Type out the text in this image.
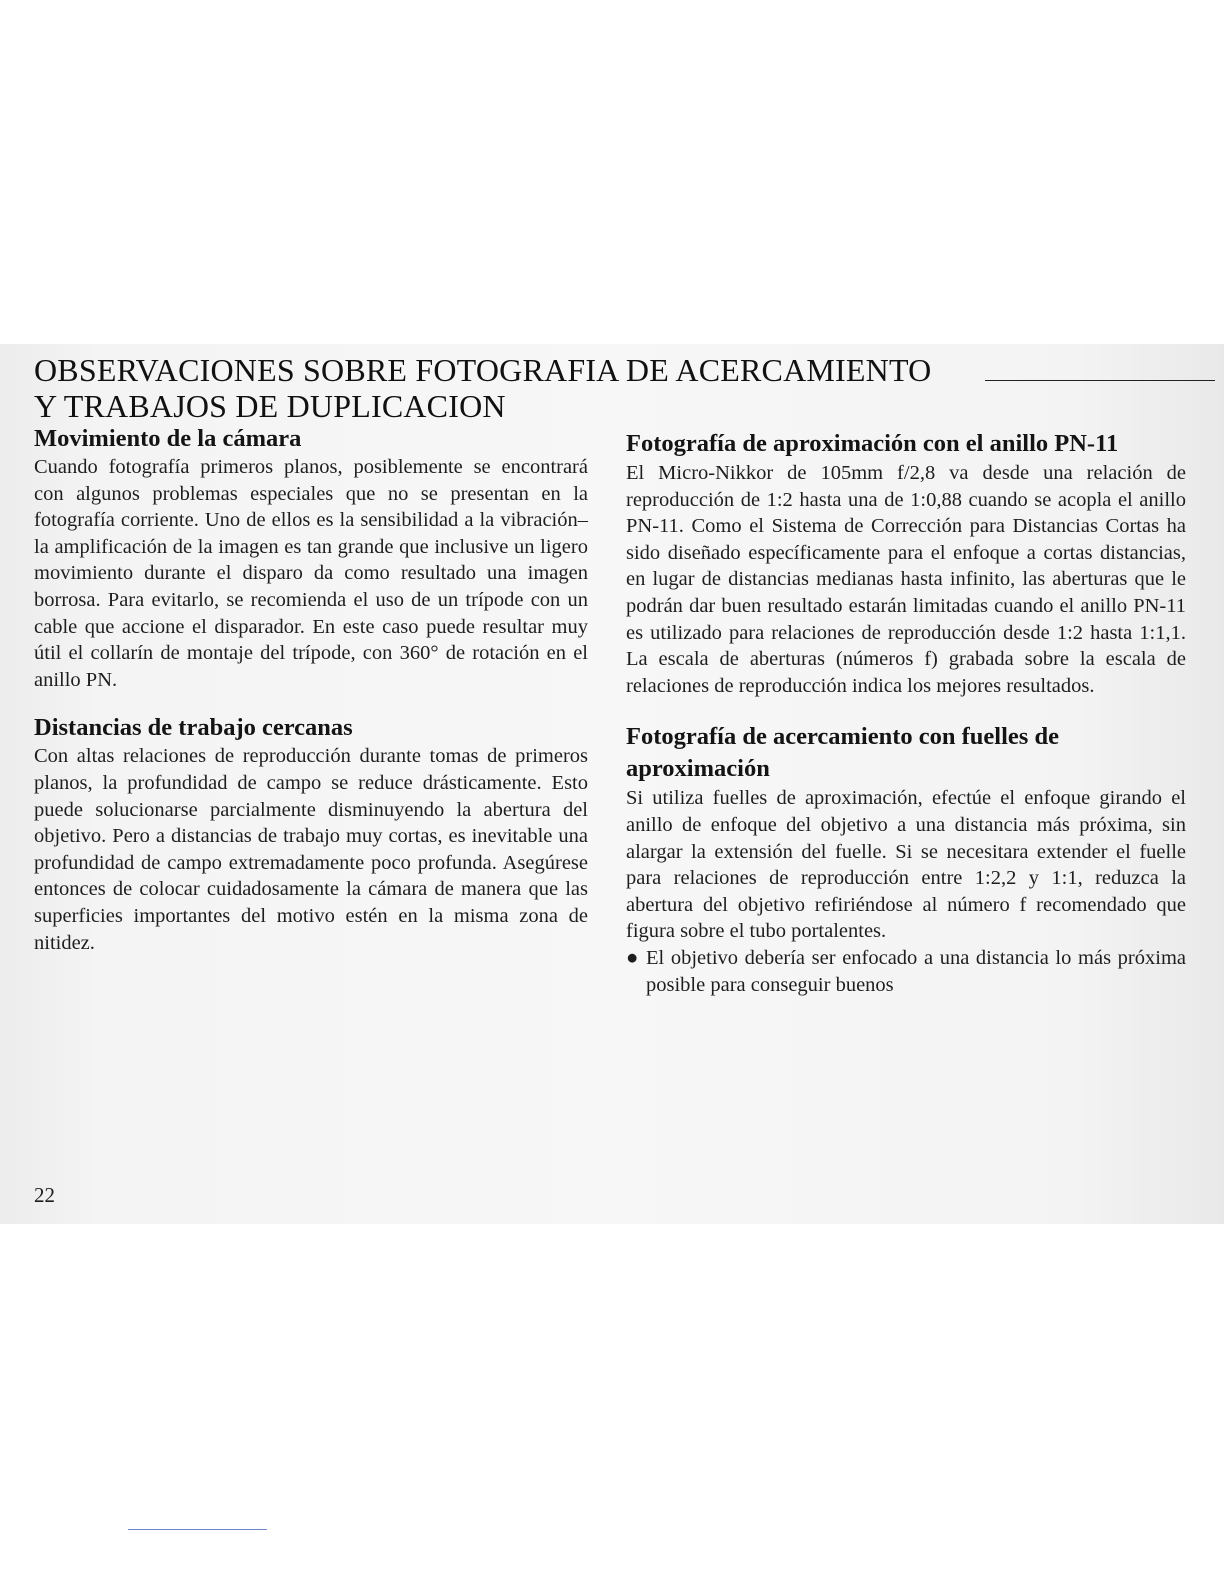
OBSERVACIONES SOBRE FOTOGRAFIA DE ACERCAMIENTO
Y TRABAJOS DE DUPLICACION
Movimiento de la cámara

Cuando fotografía primeros planos, posiblemente se encontrará con algunos problemas especiales que no se presentan en la fotografía corriente. Uno de ellos es la sensibilidad a la vibración–la amplificación de la imagen es tan grande que inclusive un ligero movimiento durante el disparo da como resultado una imagen borrosa. Para evitarlo, se recomienda el uso de un trípode con un cable que accione el disparador. En este caso puede resultar muy útil el collarín de montaje del trípode, con 360° de rotación en el anillo PN.

Distancias de trabajo cercanas

Con altas relaciones de reproducción durante tomas de primeros planos, la profundidad de campo se reduce drásticamente. Esto puede solucionarse parcialmente disminuyendo la abertura del objetivo. Pero a distancias de trabajo muy cortas, es inevitable una profundidad de campo extremadamente poco profunda. Asegúrese entonces de colocar cuidadosamente la cámara de manera que las superficies importantes del motivo estén en la misma zona de nitidez.

Fotografía de aproximación con el anillo PN-11

El Micro-Nikkor de 105mm f/2,8 va desde una relación de reproducción de 1:2 hasta una de 1:0,88 cuando se acopla el anillo PN-11. Como el Sistema de Corrección para Distancias Cortas ha sido diseñado específicamente para el enfoque a cortas distancias, en lugar de distancias medianas hasta infinito, las aberturas que le podrán dar buen resultado estarán limitadas cuando el anillo PN-11 es utilizado para relaciones de reproducción desde 1:2 hasta 1:1,1. La escala de aberturas (números f) grabada sobre la escala de relaciones de reproducción indica los mejores resultados.

Fotografía de acercamiento con fuelles de aproximación

Si utiliza fuelles de aproximación, efectúe el enfoque girando el anillo de enfoque del objetivo a una distancia más próxima, sin alargar la extensión del fuelle. Si se necesitara extender el fuelle para relaciones de reproducción entre 1:2,2 y 1:1, reduzca la abertura del objetivo refiriéndose al número f recomendado que figura sobre el tubo portalentes.

● El objetivo debería ser enfocado a una distancia lo más próxima posible para conseguir buenos

22
